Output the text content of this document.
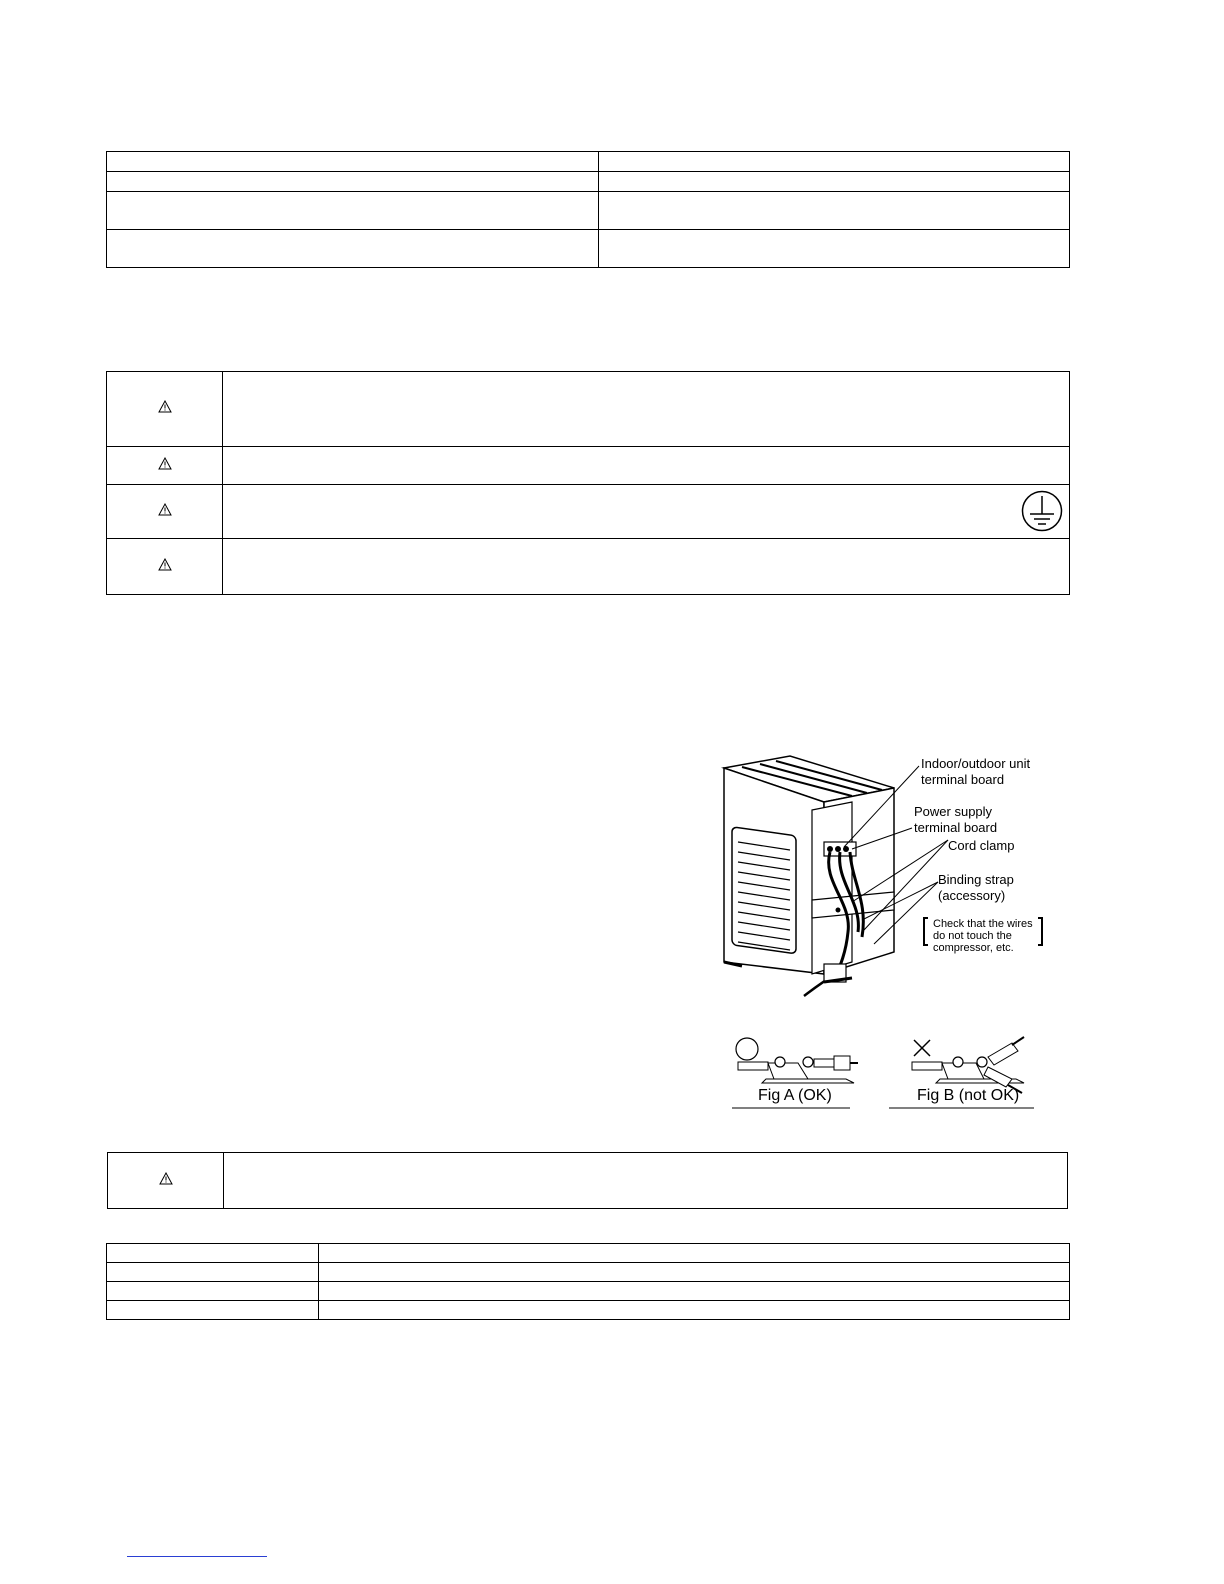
Indoor/outdoor unit
terminal board
Power supply
terminal board
Cord clamp
Binding strap
(accessory)
Check that the wires
do not touch the
compressor, etc.
Fig A (OK)	Fig B (not OK)
